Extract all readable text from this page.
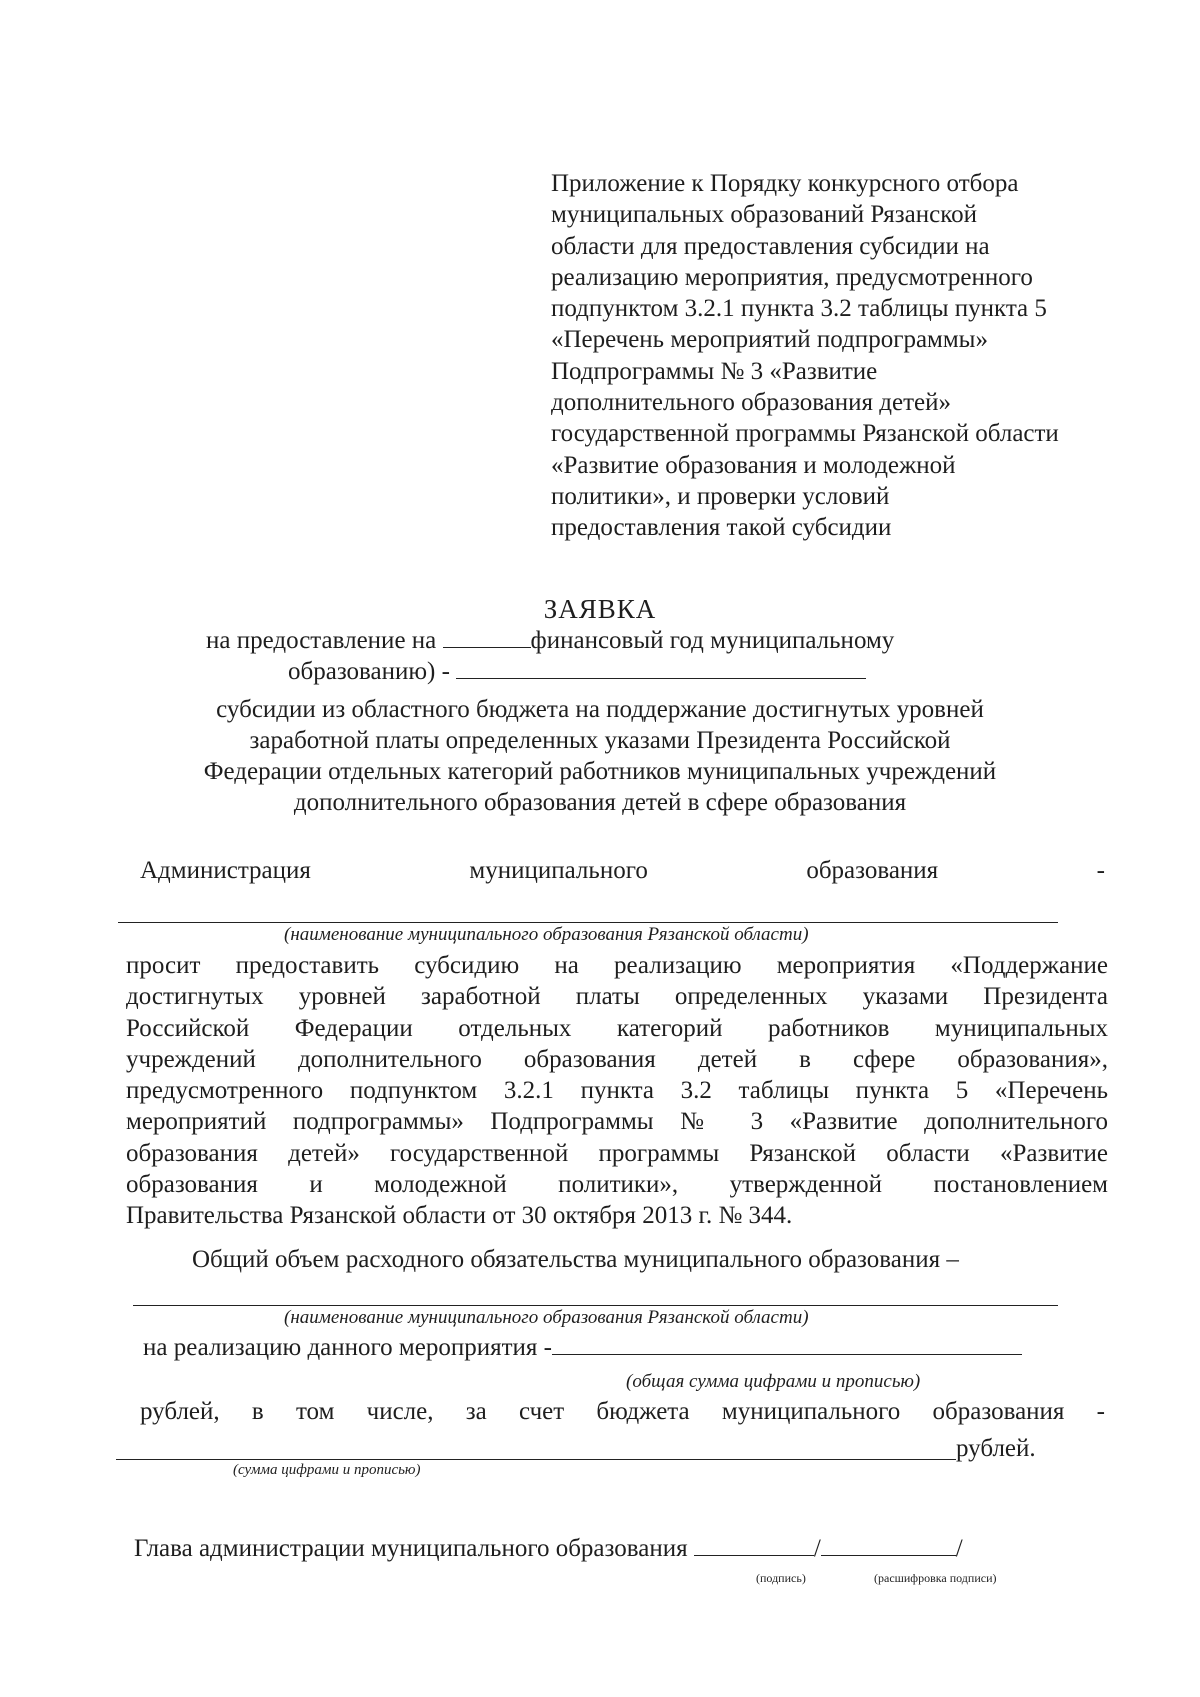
Приложение к Порядку конкурсного отбора
муниципальных образований Рязанской
области для предоставления субсидии на
реализацию мероприятия, предусмотренного
подпунктом 3.2.1 пункта 3.2 таблицы пункта 5
«Перечень мероприятий подпрограммы»
Подпрограммы № 3 «Развитие
дополнительного образования детей»
государственной программы Рязанской области
«Развитие образования и молодежной
политики», и проверки условий
предоставления такой субсидии
ЗАЯВКА
на предоставление на	финансовый год муниципальному
образованию) -
субсидии из областного бюджета на поддержание достигнутых уровней
заработной платы определенных указами Президента Российской
Федерации отдельных категорий работников муниципальных учреждений
дополнительного образования детей в сфере образования
Администрация	муниципального	образования	-
(наименование муниципального образования Рязанской области)
просит предоставить субсидию на реализацию мероприятия «Поддержание
достигнутых уровней заработной платы определенных указами Президента
Российской Федерации отдельных категорий работников муниципальных
учреждений дополнительного образования детей в сфере образования»,
предусмотренного подпунктом 3.2.1 пункта 3.2 таблицы пункта 5 «Перечень
мероприятий подпрограммы» Подпрограммы № 3 «Развитие дополнительного
образования детей» государственной программы Рязанской области «Развитие
образования и молодежной политики», утвержденной постановлением
Правительства Рязанской области от 30 октября 2013 г. № 344.
Общий объем расходного обязательства муниципального образования –
(наименование муниципального образования Рязанской области)
на реализацию данного мероприятия -
(общая сумма цифрами и прописью)
рублей, в том числе, за счет бюджета муниципального образования -
рублей.
(сумма цифрами и прописью)
Глава администрации муниципального образования	/	/
(подпись)	(расшифровка подписи)
